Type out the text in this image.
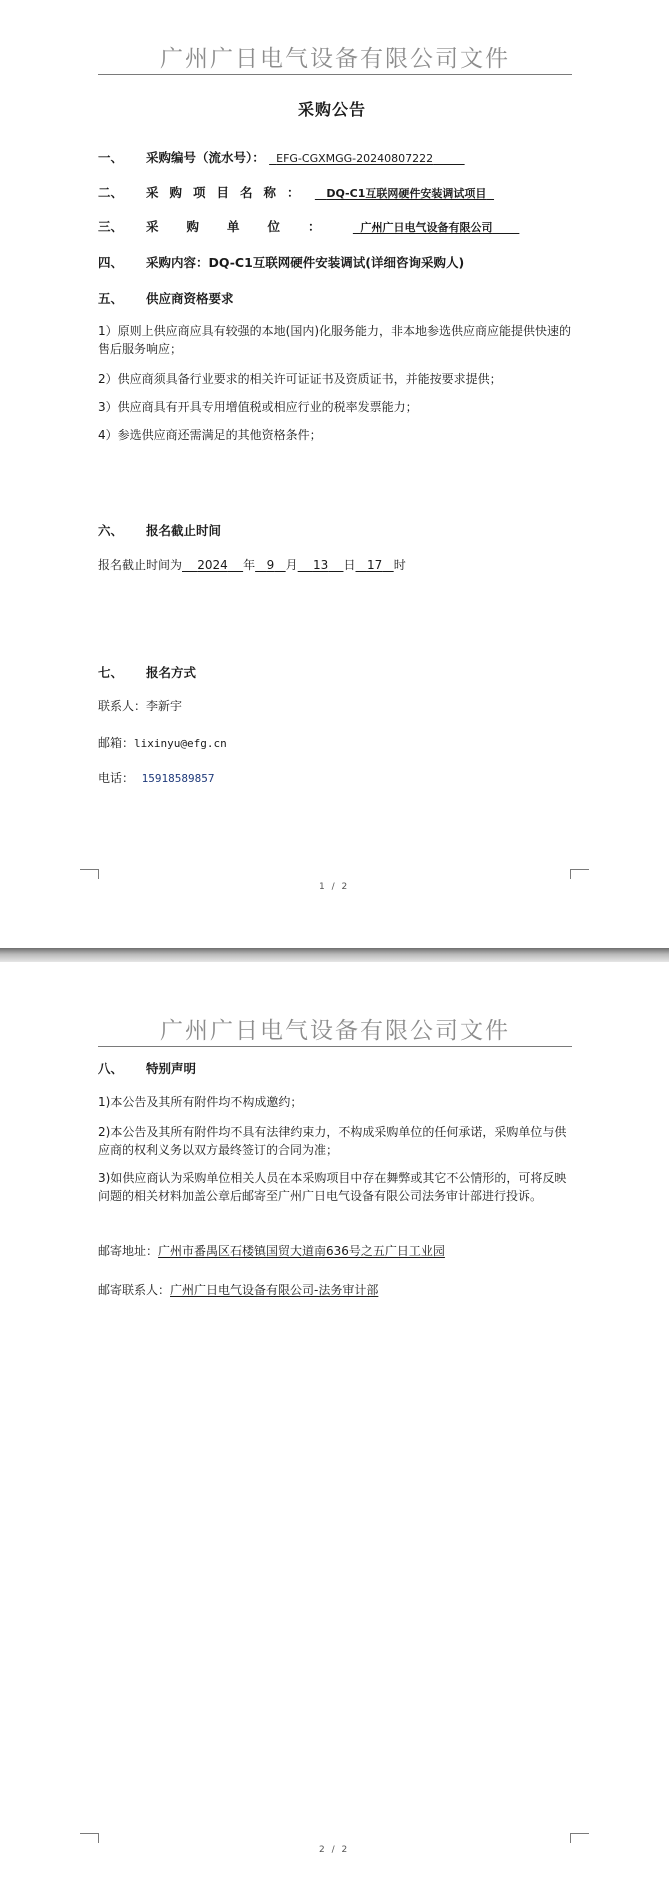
广州广日电气设备有限公司文件
采购公告
一、 采购编号（流水号）： EFG-CGXMGG-20240807222
二、 采购项目名称： DQ-C1互联网硬件安装调试项目
三、 采购单位： 广州广日电气设备有限公司
四、 采购内容：DQ-C1互联网硬件安装调试(详细咨询采购人)
五、 供应商资格要求
1）原则上供应商应具有较强的本地(国内)化服务能力，非本地参选供应商应能提供快速的售后服务响应；
2）供应商须具备行业要求的相关许可证证书及资质证书，并能按要求提供；
3）供应商具有开具专用增值税或相应行业的税率发票能力；
4）参选供应商还需满足的其他资格条件；
六、 报名截止时间
报名截止时间为 2024 年 9 月 13 日 17 时
七、 报名方式
联系人：李新宇
邮箱：lixinyu@efg.cn
电话： 15918589857
1 / 2
广州广日电气设备有限公司文件
八、 特别声明
1)本公告及其所有附件均不构成邀约；
2)本公告及其所有附件均不具有法律约束力，不构成采购单位的任何承诺，采购单位与供应商的权利义务以双方最终签订的合同为准；
3)如供应商认为采购单位相关人员在本采购项目中存在舞弊或其它不公情形的，可将反映问题的相关材料加盖公章后邮寄至广州广日电气设备有限公司法务审计部进行投诉。
邮寄地址：广州市番禺区石楼镇国贸大道南636号之五广日工业园
邮寄联系人：广州广日电气设备有限公司-法务审计部
2 / 2
